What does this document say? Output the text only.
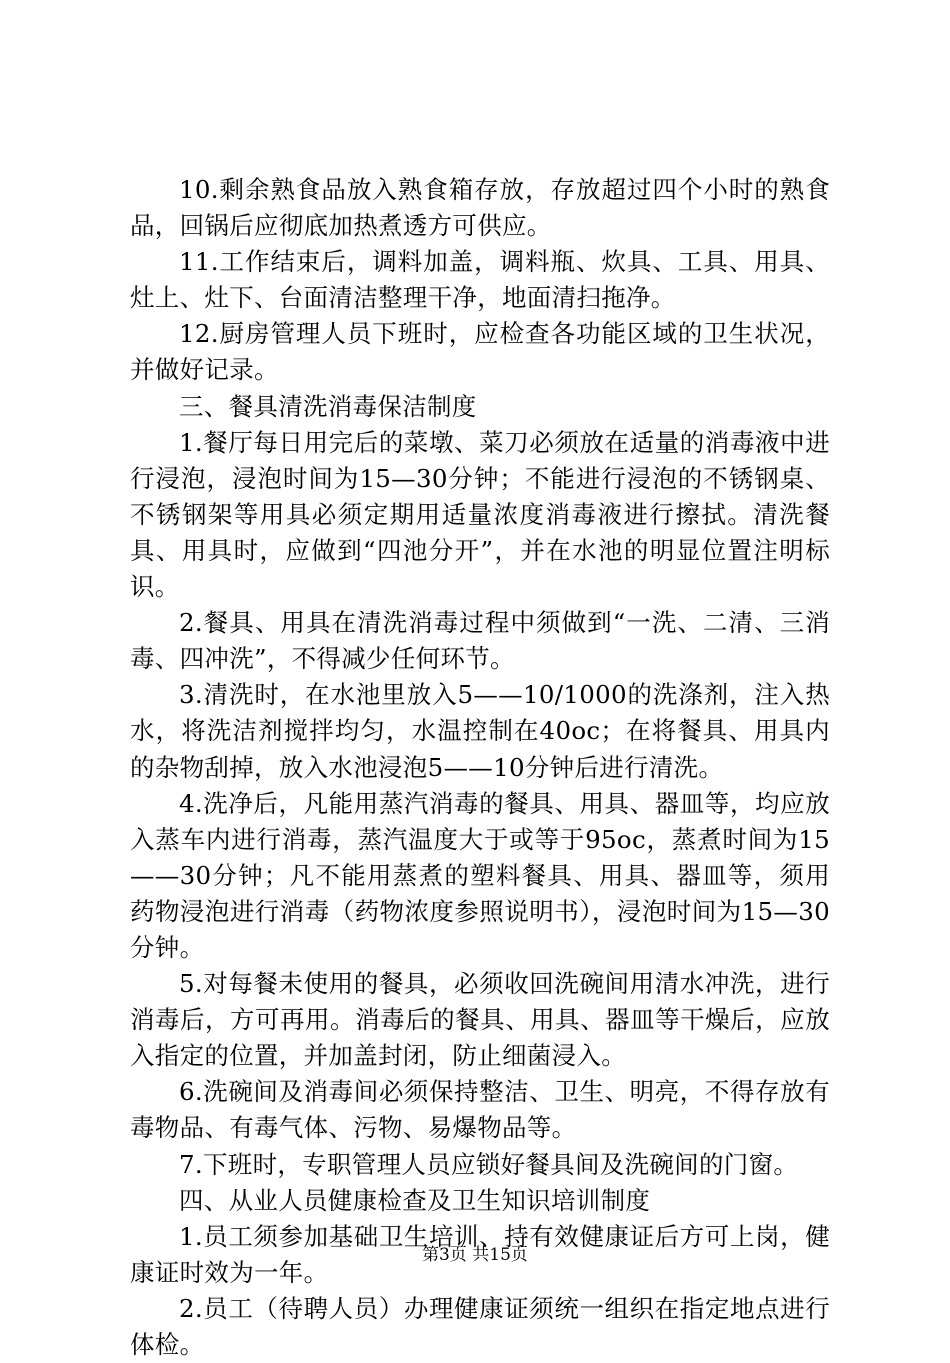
10.剩余熟食品放入熟食箱存放，存放超过四个小时的熟食品，回锅后应彻底加热煮透方可供应。

11.工作结束后，调料加盖，调料瓶、炊具、工具、用具、灶上、灶下、台面清洁整理干净，地面清扫拖净。

12.厨房管理人员下班时，应检查各功能区域的卫生状况，并做好记录。

三、餐具清洗消毒保洁制度

1.餐厅每日用完后的菜墩、菜刀必须放在适量的消毒液中进行浸泡，浸泡时间为15—30分钟；不能进行浸泡的不锈钢桌、不锈钢架等用具必须定期用适量浓度消毒液进行擦拭。清洗餐具、用具时，应做到“四池分开”，并在水池的明显位置注明标识。

2.餐具、用具在清洗消毒过程中须做到“一洗、二清、三消毒、四冲洗”，不得减少任何环节。

3.清洗时，在水池里放入5——10/1000的洗涤剂，注入热水，将洗洁剂搅拌均匀，水温控制在40oc；在将餐具、用具内的杂物刮掉，放入水池浸泡5——10分钟后进行清洗。

4.洗净后，凡能用蒸汽消毒的餐具、用具、器皿等，均应放入蒸车内进行消毒，蒸汽温度大于或等于95oc，蒸煮时间为15——30分钟；凡不能用蒸煮的塑料餐具、用具、器皿等，须用药物浸泡进行消毒（药物浓度参照说明书），浸泡时间为15—30分钟。

5.对每餐未使用的餐具，必须收回洗碗间用清水冲洗，进行消毒后，方可再用。消毒后的餐具、用具、器皿等干燥后，应放入指定的位置，并加盖封闭，防止细菌浸入。

6.洗碗间及消毒间必须保持整洁、卫生、明亮，不得存放有毒物品、有毒气体、污物、易爆物品等。

7.下班时，专职管理人员应锁好餐具间及洗碗间的门窗。

四、从业人员健康检查及卫生知识培训制度

1.员工须参加基础卫生培训、持有效健康证后方可上岗，健康证时效为一年。

2.员工（待聘人员）办理健康证须统一组织在指定地点进行体检。

第3页 共15页
